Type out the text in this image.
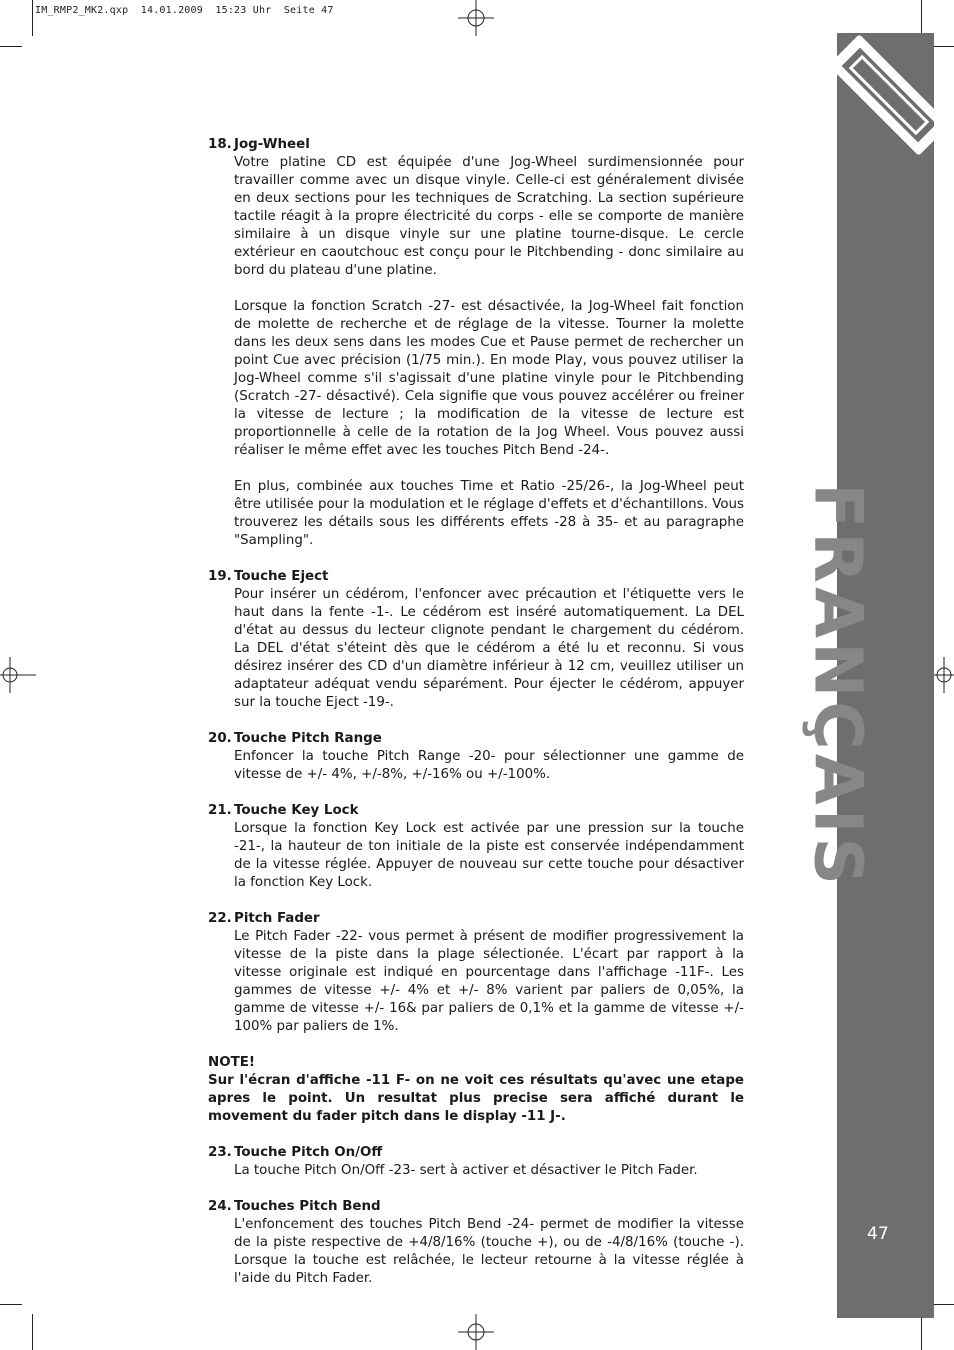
IM_RMP2_MK2.qxp  14.01.2009  15:23 Uhr  Seite 47
47
FRANÇAIS
18. Jog-Wheel
Votre platine CD est équipée d'une Jog-Wheel surdimensionnée pour travailler comme avec un disque vinyle. Celle-ci est généralement divisée en deux sections pour les techniques de Scratching. La section supérieure tactile réagit à la propre électricité du corps - elle se comporte de manière similaire à un disque vinyle sur une platine tourne-disque. Le cercle extérieur en caoutchouc est conçu pour le Pitchbending - donc similaire au bord du plateau d'une platine.
Lorsque la fonction Scratch -27- est désactivée, la Jog-Wheel fait fonction de molette de recherche et de réglage de la vitesse. Tourner la molette dans les deux sens dans les modes Cue et Pause permet de rechercher un point Cue avec précision (1/75 min.). En mode Play, vous pouvez utiliser la Jog-Wheel comme s'il s'agissait d'une platine vinyle pour le Pitchbending (Scratch -27- désactivé). Cela signifie que vous pouvez accélérer ou freiner la vitesse de lecture ; la modification de la vitesse de lecture est proportionnelle à celle de la rotation de la Jog Wheel. Vous pouvez aussi réaliser le même effet avec les touches Pitch Bend -24-.
En plus, combinée aux touches Time et Ratio -25/26-, la Jog-Wheel peut être utilisée pour la modulation et le réglage d'effets et d'échantillons. Vous trouverez les détails sous les différents effets -28 à 35- et au paragraphe "Sampling".
19. Touche Eject
Pour insérer un cédérom, l'enfoncer avec précaution et l'étiquette vers le haut dans la fente -1-. Le cédérom est inséré automatiquement. La DEL d'état au dessus du lecteur clignote pendant le chargement du cédérom. La DEL d'état s'éteint dès que le cédérom a été lu et reconnu. Si vous désirez insérer des CD d'un diamètre inférieur à 12 cm, veuillez utiliser un adaptateur adéquat vendu séparément. Pour éjecter le cédérom, appuyer sur la touche Eject -19-.
20. Touche Pitch Range
Enfoncer la touche Pitch Range -20- pour sélectionner une gamme de vitesse de +/- 4%, +/-8%, +/-16% ou +/-100%.
21. Touche Key Lock
Lorsque la fonction Key Lock est activée par une pression sur la touche -21-, la hauteur de ton initiale de la piste est conservée indépendamment de la vitesse réglée. Appuyer de nouveau sur cette touche pour désactiver la fonction Key Lock.
22. Pitch Fader
Le Pitch Fader -22- vous permet à présent de modifier progressivement la vitesse de la piste dans la plage sélectionée. L'écart par rapport à la vitesse originale est indiqué en pourcentage dans l'affichage -11F-. Les gammes de vitesse +/- 4% et +/- 8% varient par paliers de 0,05%, la gamme de vitesse +/- 16& par paliers de 0,1% et la gamme de vitesse +/- 100% par paliers de 1%.
NOTE!
Sur l'écran d'affiche -11 F- on ne voit ces résultats qu'avec une etape apres le point. Un resultat plus precise sera affiché durant le movement du fader pitch dans le display -11 J-.
23. Touche Pitch On/Off
La touche Pitch On/Off -23- sert à activer et désactiver le Pitch Fader.
24. Touches Pitch Bend
L'enfoncement des touches Pitch Bend -24- permet de modifier la vitesse de la piste respective de +4/8/16% (touche +), ou de -4/8/16% (touche -). Lorsque la touche est relâchée, le lecteur retourne à la vitesse réglée à l'aide du Pitch Fader.
